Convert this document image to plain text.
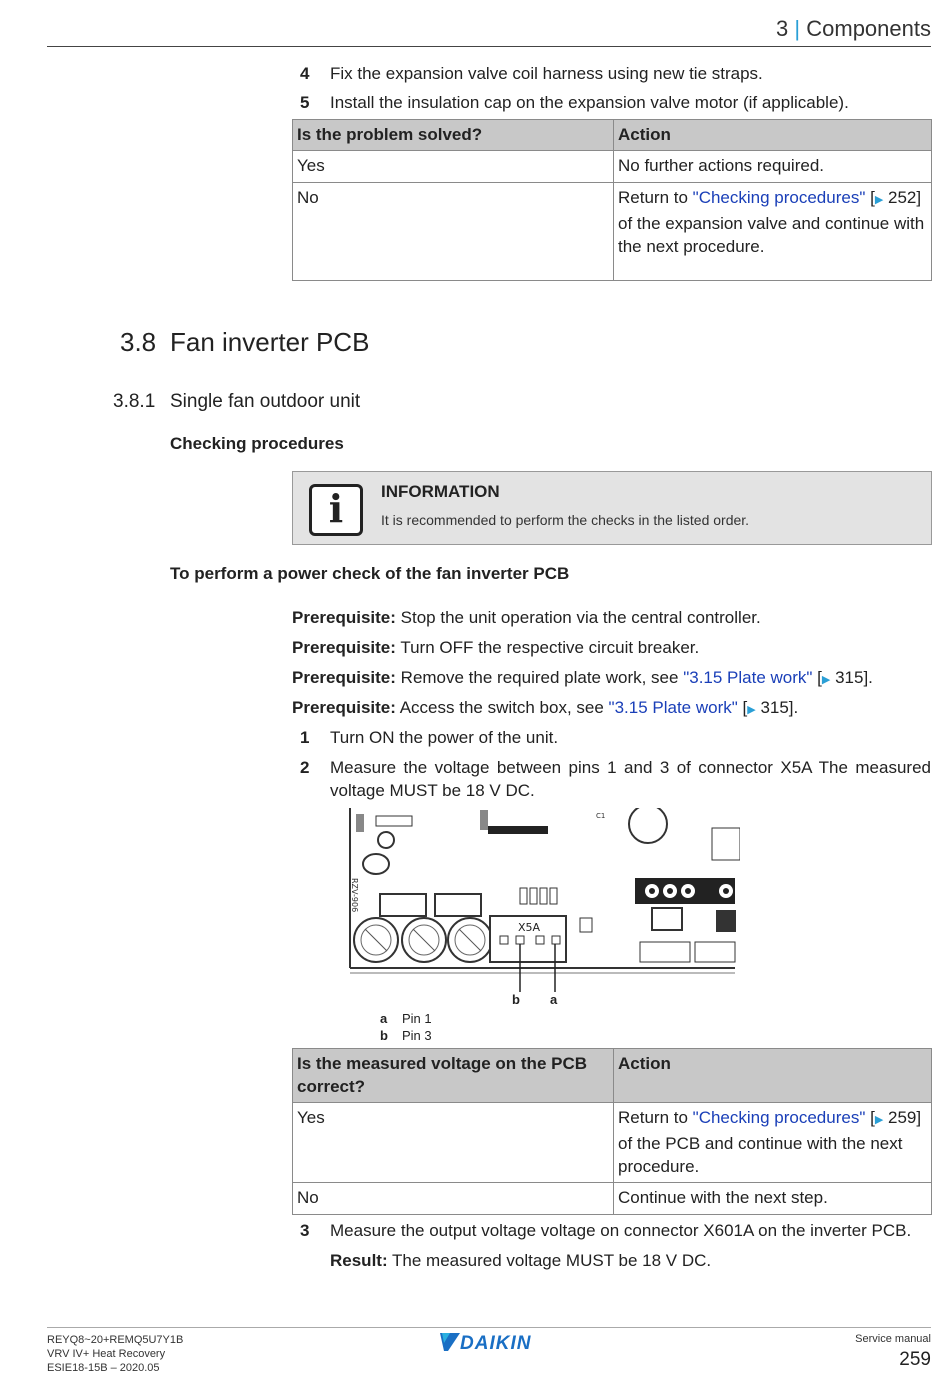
3 | Components
4 Fix the expansion valve coil harness using new tie straps.
5 Install the insulation cap on the expansion valve motor (if applicable).
Is the problem solved?	Action
Yes	No further actions required.
No	Return to "Checking procedures" [▶ 252] of the expansion valve and continue with the next procedure.
3.8 Fan inverter PCB
3.8.1 Single fan outdoor unit
Checking procedures
i	INFORMATION
It is recommended to perform the checks in the listed order.
To perform a power check of the fan inverter PCB
Prerequisite: Stop the unit operation via the central controller.
Prerequisite: Turn OFF the respective circuit breaker.
Prerequisite: Remove the required plate work, see "3.15 Plate work" [▶ 315].
Prerequisite: Access the switch box, see "3.15 Plate work" [▶ 315].
1 Turn ON the power of the unit.
2 Measure the voltage between pins 1 and 3 of connector X5A The measured voltage MUST be 18 V DC.
RZV-906
C1
X5A
b a
a Pin 1
b Pin 3
Is the measured voltage on the PCB correct?	Action
Yes	Return to "Checking procedures" [▶ 259] of the PCB and continue with the next procedure.
No	Continue with the next step.
3 Measure the output voltage voltage on connector X601A on the inverter PCB.
Result: The measured voltage MUST be 18 V DC.
REYQ8~20+REMQ5U7Y1B
VRV IV+ Heat Recovery
ESIE18-15B – 2020.05
DAIKIN	Service manual
259
